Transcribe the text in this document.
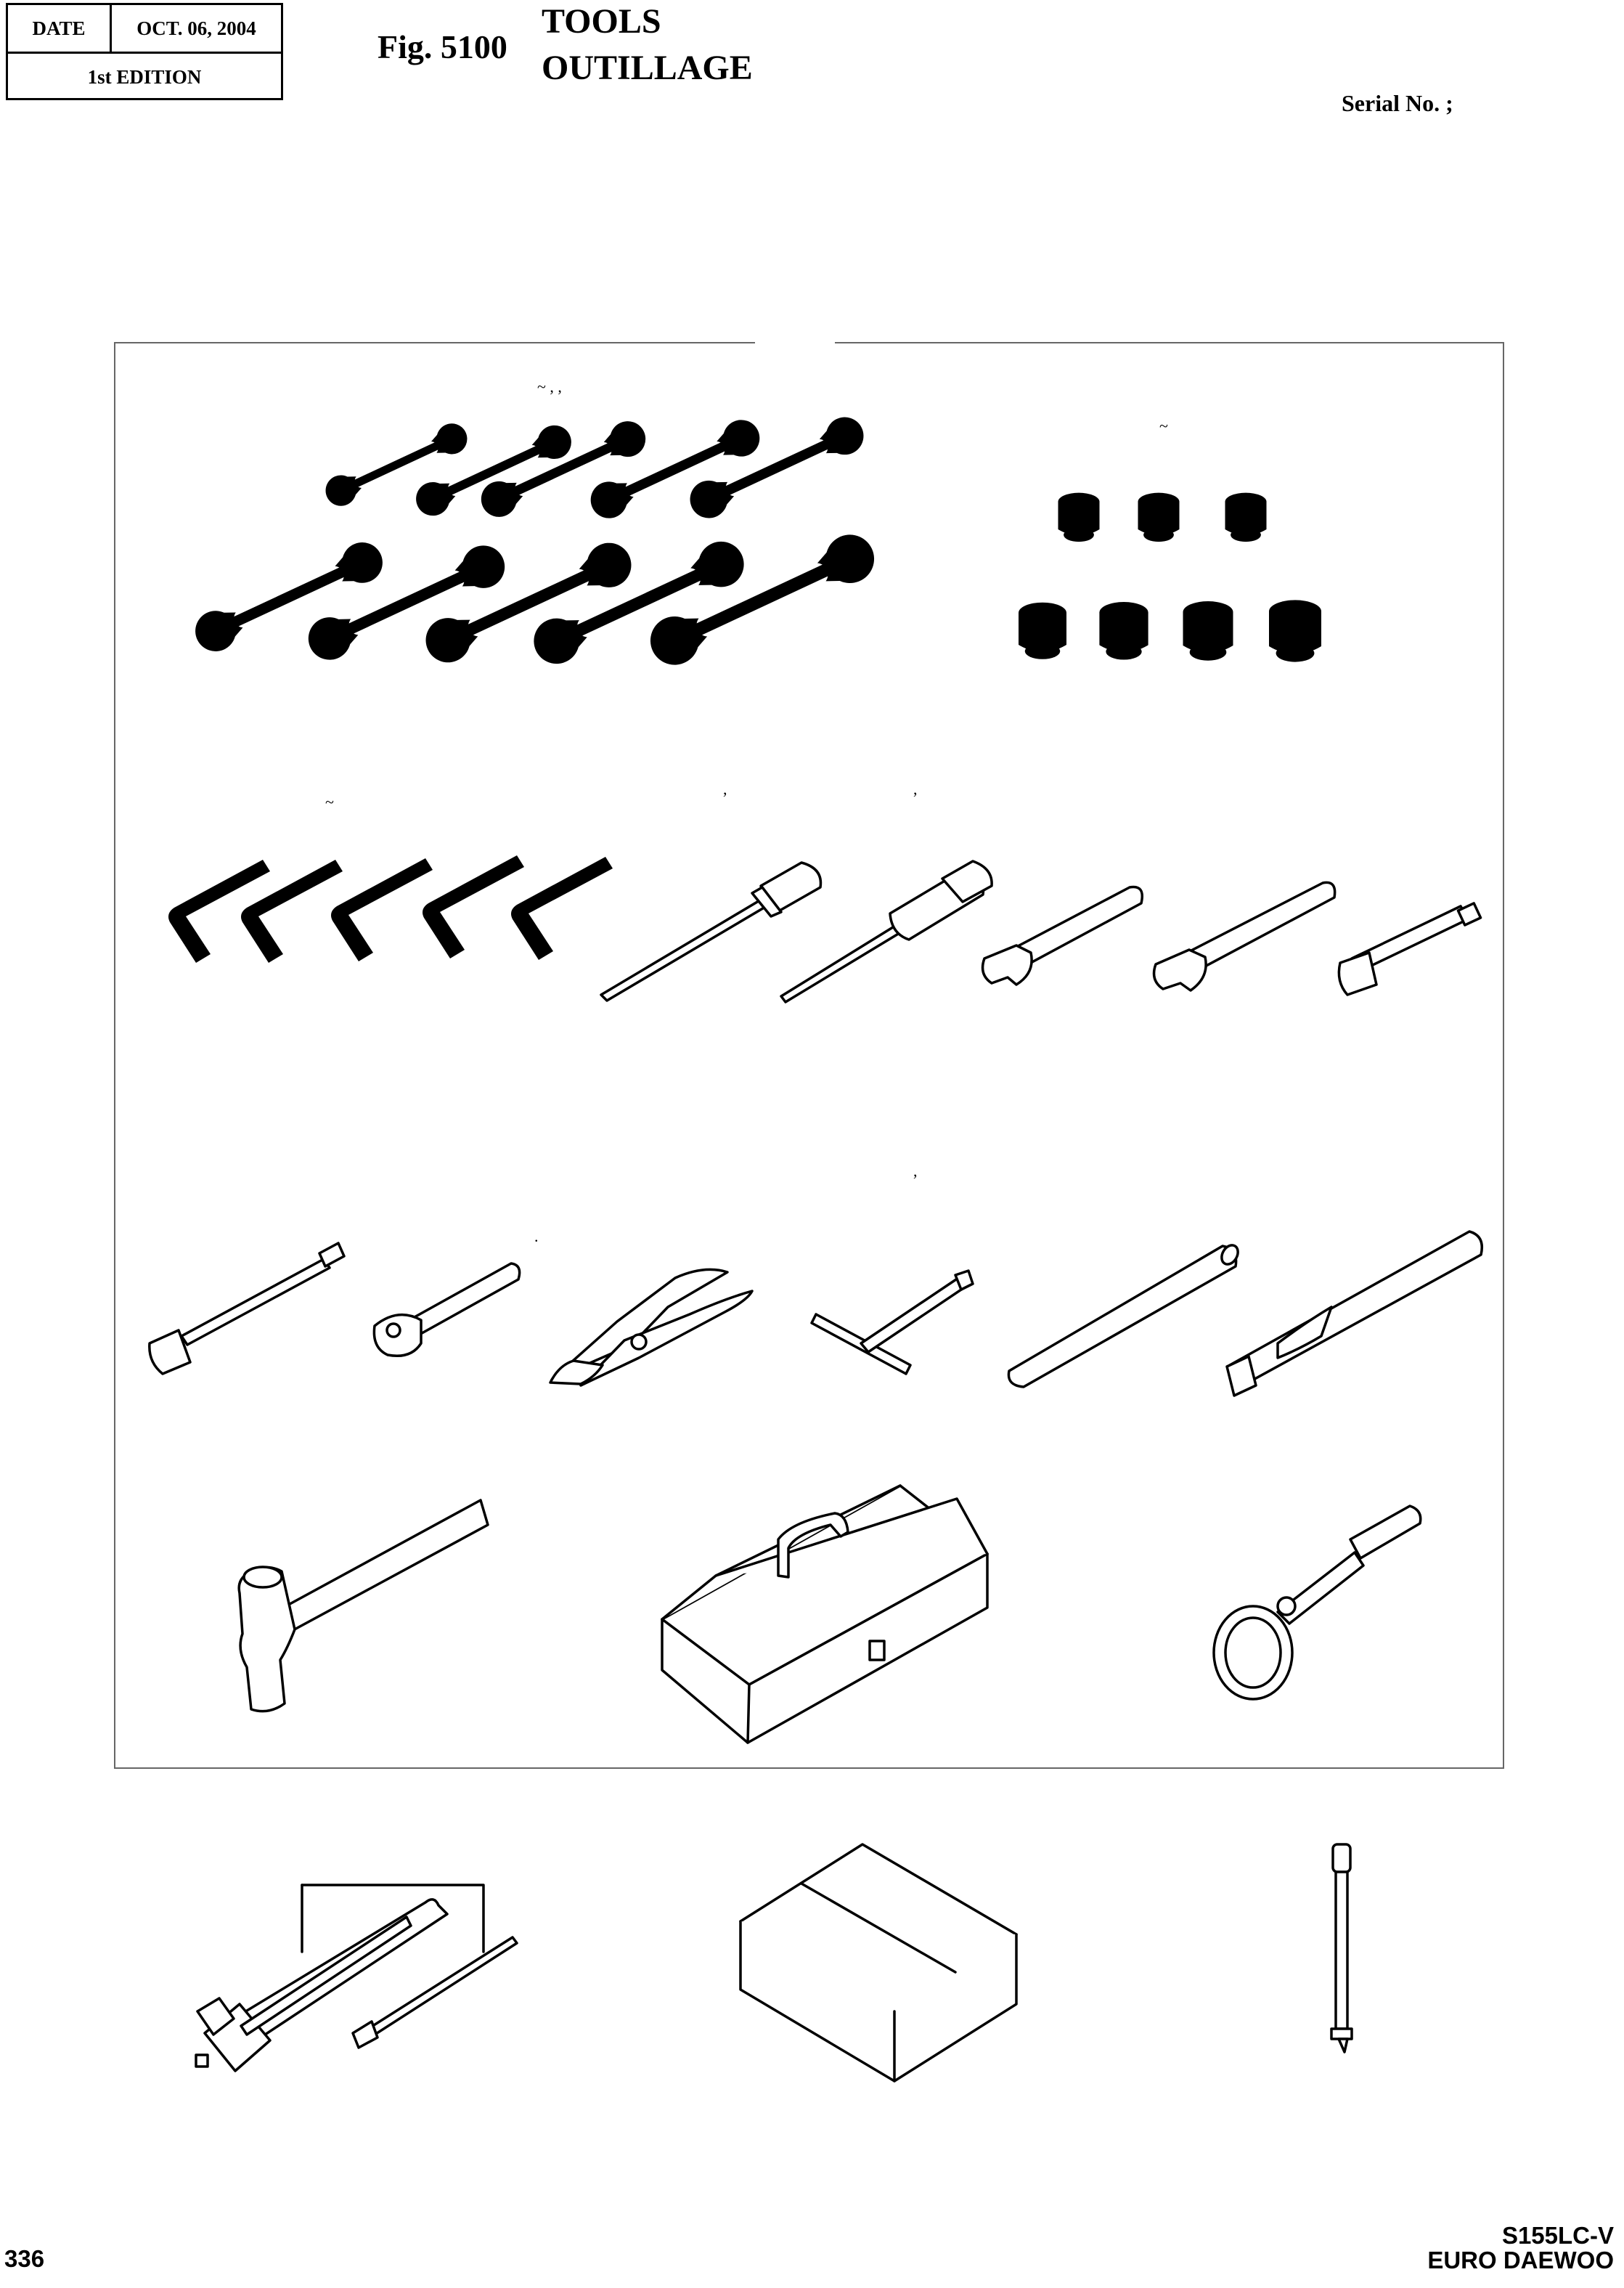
DATE	OCT. 06, 2004
1st EDITION
Fig. 5100
TOOLS
OUTILLAGE
Serial No. ;
~ , ,
~
~
,	,
,
.
336
S155LC-V
EURO DAEWOO
